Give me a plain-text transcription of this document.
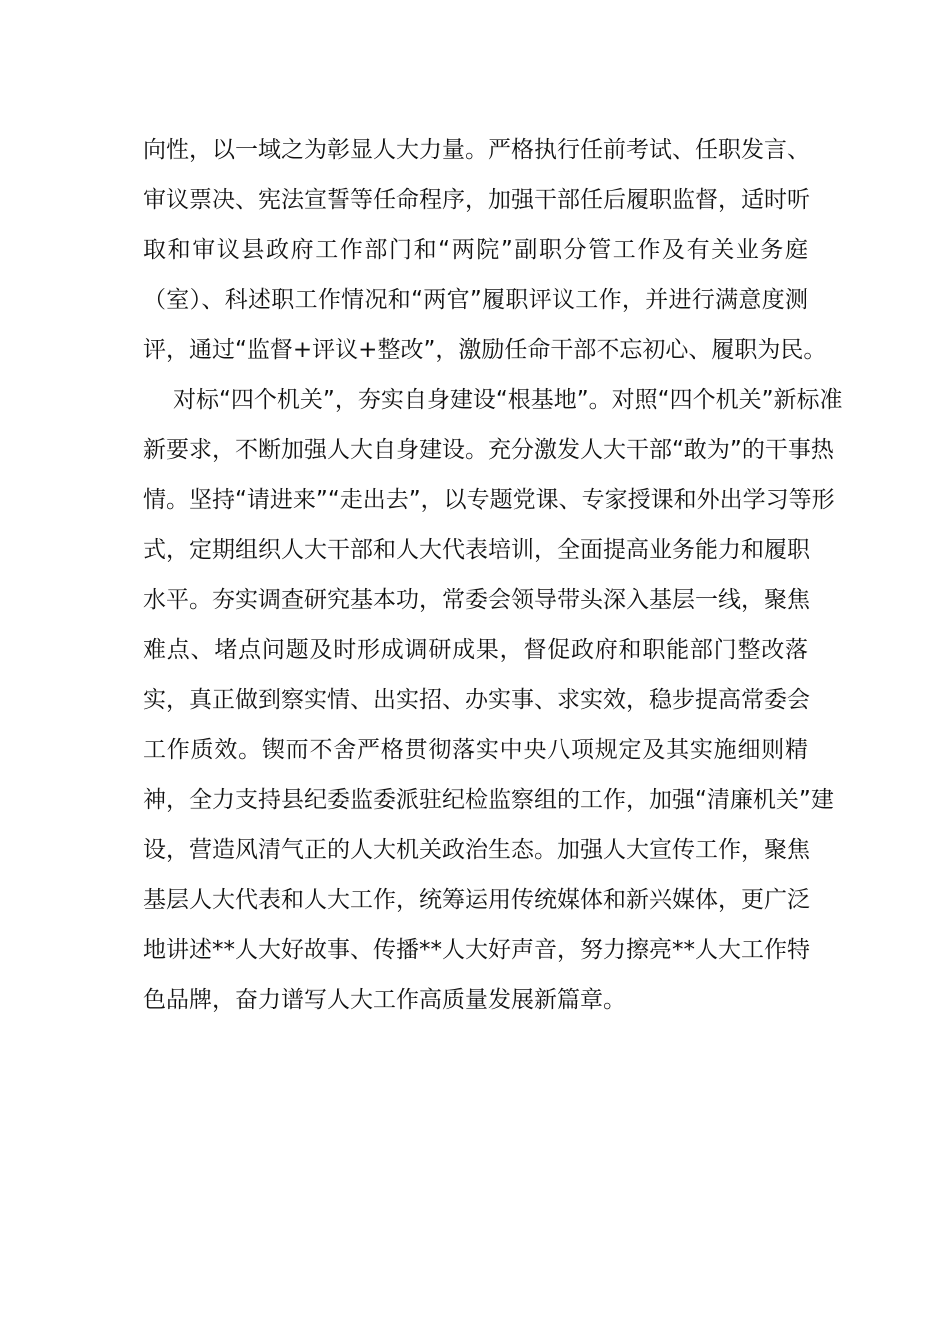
向性，以一域之为彰显人大力量。严格执行任前考试、任职发言、
审议票决、宪法宣誓等任命程序，加强干部任后履职监督，适时听
取和审议县政府工作部门和“两院”副职分管工作及有关业务庭
（室）、科述职工作情况和“两官”履职评议工作，并进行满意度测
评，通过“监督+评议+整改”，激励任命干部不忘初心、履职为民。
对标“四个机关”，夯实自身建设“根基地”。对照“四个机关”新标准
新要求，不断加强人大自身建设。充分激发人大干部“敢为”的干事热
情。坚持“请进来”“走出去”，以专题党课、专家授课和外出学习等形
式，定期组织人大干部和人大代表培训，全面提高业务能力和履职
水平。夯实调查研究基本功，常委会领导带头深入基层一线，聚焦
难点、堵点问题及时形成调研成果，督促政府和职能部门整改落
实，真正做到察实情、出实招、办实事、求实效，稳步提高常委会
工作质效。锲而不舍严格贯彻落实中央八项规定及其实施细则精
神，全力支持县纪委监委派驻纪检监察组的工作，加强“清廉机关”建
设，营造风清气正的人大机关政治生态。加强人大宣传工作，聚焦
基层人大代表和人大工作，统筹运用传统媒体和新兴媒体，更广泛
地讲述**人大好故事、传播**人大好声音，努力擦亮**人大工作特
色品牌，奋力谱写人大工作高质量发展新篇章。
